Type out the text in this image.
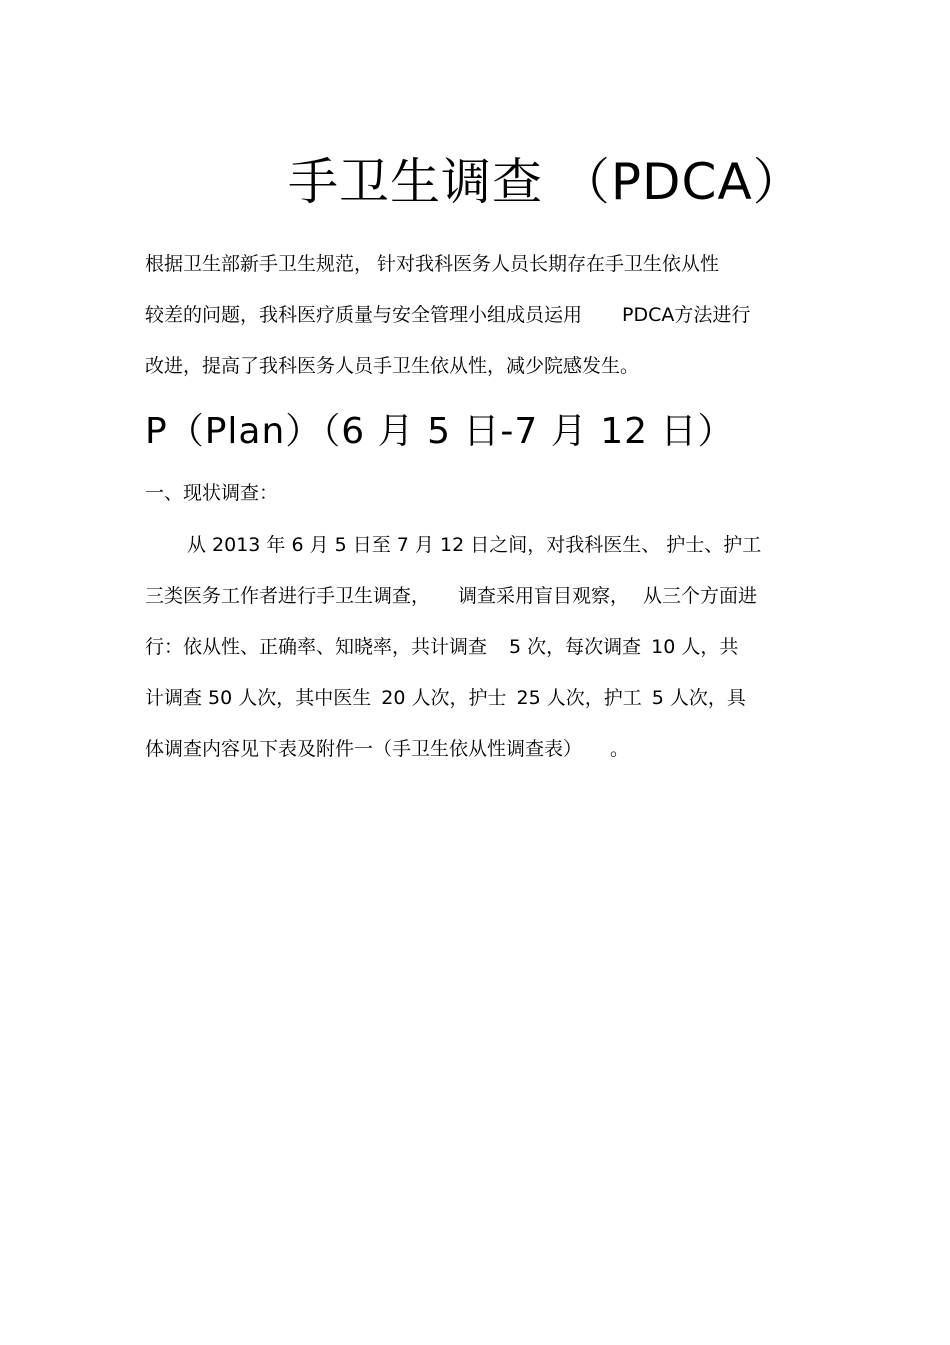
手卫生调查 （PDCA）
根据卫生部新手卫生规范， 针对我科医务人员长期存在手卫生依从性
较差的问题，我科医疗质量与安全管理小组成员运用 PDCA方法进行
改进，提高了我科医务人员手卫生依从性，减少院感发生。
P（Plan）（6 月 5 日-7 月 12 日）
一、现状调查：
从 2013 年 6 月 5 日至 7 月 12 日之间，对我科医生、 护士、护工
三类医务工作者进行手卫生调查， 调查采用盲目观察， 从三个方面进
行：依从性、正确率、知晓率，共计调查 5 次，每次调查 10 人，共
计调查 50 人次，其中医生 20 人次，护士 25 人次，护工 5 人次，具
体调查内容见下表及附件一（手卫生依从性调查表） 。
